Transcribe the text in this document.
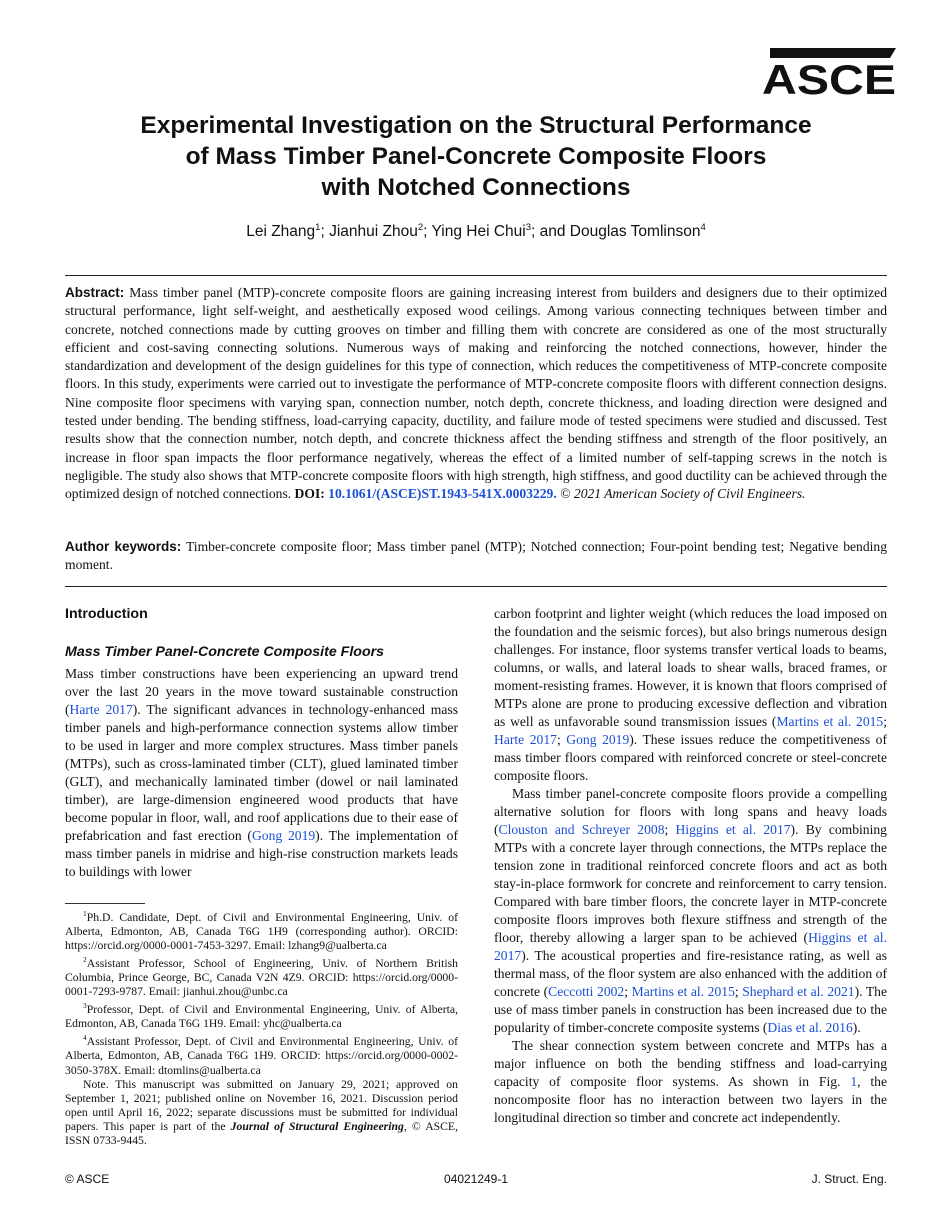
ASCE
Experimental Investigation on the Structural Performance
of Mass Timber Panel-Concrete Composite Floors
with Notched Connections
Lei Zhang$^1$; Jianhui Zhou$^2$; Ying Hei Chui$^3$; and Douglas Tomlinson$^4$
Abstract: Mass timber panel (MTP)-concrete composite floors are gaining increasing interest from builders and designers due to their optimized structural performance, light self-weight, and aesthetically exposed wood ceilings. Among various connecting techniques between timber and concrete, notched connections made by cutting grooves on timber and filling them with concrete are considered as one of the most structurally efficient and cost-saving connecting solutions. Numerous ways of making and reinforcing the notched connections, however, hinder the standardization and development of the design guidelines for this type of connection, which reduces the competitiveness of MTP-concrete composite floors. In this study, experiments were carried out to investigate the performance of MTP-concrete composite floors with different connection designs. Nine composite floor specimens with varying span, connection number, notch depth, concrete thickness, and loading direction were designed and tested under bending. The bending stiffness, load-carrying capacity, ductility, and failure mode of tested specimens were studied and discussed. Test results show that the connection number, notch depth, and concrete thickness affect the bending stiffness and strength of the floor positively, an increase in floor span impacts the floor performance negatively, whereas the effect of a limited number of self-tapping screws in the notch is negligible. The study also shows that MTP-concrete composite floors with high strength, high stiffness, and good ductility can be achieved through the optimized design of notched connections. DOI: 10.1061/(ASCE)ST.1943-541X.0003229. © 2021 American Society of Civil Engineers.
Author keywords: Timber-concrete composite floor; Mass timber panel (MTP); Notched connection; Four-point bending test; Negative bending moment.
Introduction
Mass Timber Panel-Concrete Composite Floors

Mass timber constructions have been experiencing an upward trend over the last 20 years in the move toward sustainable construction (Harte 2017). The significant advances in technology-enhanced mass timber panels and high-performance connection systems allow timber to be used in larger and more complex structures. Mass timber panels (MTPs), such as cross-laminated timber (CLT), glued laminated timber (GLT), and mechanically laminated timber (dowel or nail laminated timber), are large-dimension engineered wood products that have become popular in floor, wall, and roof applications due to their ease of prefabrication and fast erection (Gong 2019). The implementation of mass timber panels in midrise and high-rise construction markets leads to buildings with lower

$^1$Ph.D. Candidate, Dept. of Civil and Environmental Engineering, Univ. of Alberta, Edmonton, AB, Canada T6G 1H9 (corresponding author). ORCID: https://orcid.org/0000-0001-7453-3297. Email: lzhang9@ualberta.ca

$^2$Assistant Professor, School of Engineering, Univ. of Northern British Columbia, Prince George, BC, Canada V2N 4Z9. ORCID: https://orcid.org/0000-0001-7293-9787. Email: jianhui.zhou@unbc.ca

$^3$Professor, Dept. of Civil and Environmental Engineering, Univ. of Alberta, Edmonton, AB, Canada T6G 1H9. Email: yhc@ualberta.ca

$^4$Assistant Professor, Dept. of Civil and Environmental Engineering, Univ. of Alberta, Edmonton, AB, Canada T6G 1H9. ORCID: https://orcid.org/0000-0002-3050-378X. Email: dtomlins@ualberta.ca

Note. This manuscript was submitted on January 29, 2021; approved on September 1, 2021; published online on November 16, 2021. Discussion period open until April 16, 2022; separate discussions must be submitted for individual papers. This paper is part of the Journal of Structural Engineering, © ASCE, ISSN 0733-9445.

carbon footprint and lighter weight (which reduces the load imposed on the foundation and the seismic forces), but also brings numerous design challenges. For instance, floor systems transfer vertical loads to beams, columns, or walls, and lateral loads to shear walls, braced frames, or moment-resisting frames. However, it is known that floors comprised of MTPs alone are prone to producing excessive deflection and vibration as well as unfavorable sound transmission issues (Martins et al. 2015; Harte 2017; Gong 2019). These issues reduce the competitiveness of mass timber floors compared with reinforced concrete or steel-concrete composite floors.

Mass timber panel-concrete composite floors provide a compelling alternative solution for floors with long spans and heavy loads (Clouston and Schreyer 2008; Higgins et al. 2017). By combining MTPs with a concrete layer through connections, the MTPs replace the tension zone in traditional reinforced concrete floors and act as both stay-in-place formwork for concrete and reinforcement to carry tension. Compared with bare timber floors, the concrete layer in MTP-concrete composite floors improves both flexure stiffness and strength of the floor, thereby allowing a larger span to be achieved (Higgins et al. 2017). The acoustical properties and fire-resistance rating, as well as thermal mass, of the floor system are also enhanced with the addition of concrete (Ceccotti 2002; Martins et al. 2015; Shephard et al. 2021). The use of mass timber panels in construction has been increased due to the popularity of timber-concrete composite systems (Dias et al. 2016).

The shear connection system between concrete and MTPs has a major influence on both the bending stiffness and load-carrying capacity of composite floor systems. As shown in Fig. 1, the noncomposite floor has no interaction between two layers in the longitudinal direction so timber and concrete act independently.

© ASCE	04021249-1	J. Struct. Eng.
